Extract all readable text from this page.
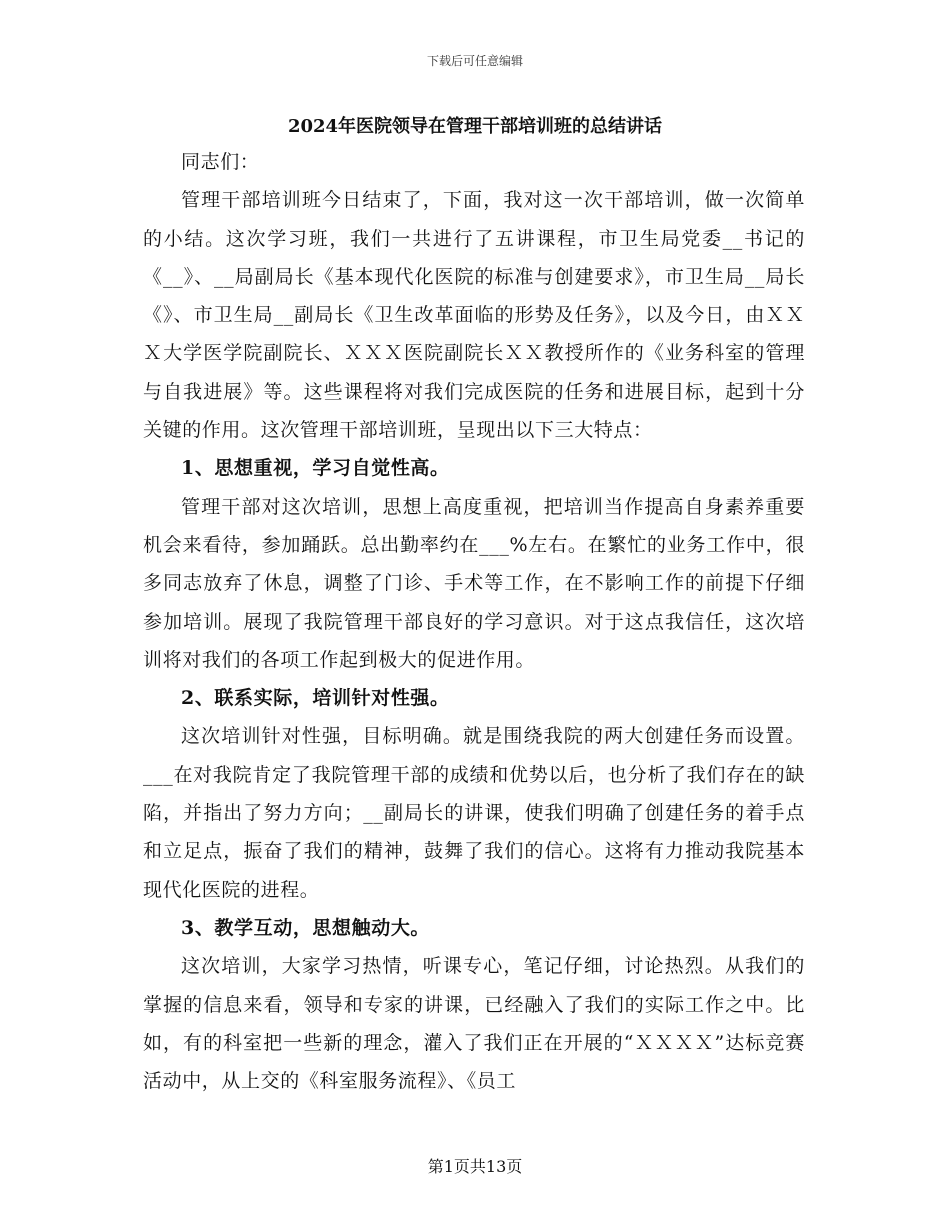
下载后可任意编辑
2024年医院领导在管理干部培训班的总结讲话

同志们：

管理干部培训班今日结束了，下面，我对这一次干部培训，做一次简单的小结。这次学习班，我们一共进行了五讲课程，市卫生局党委__书记的《__》、__局副局长《基本现代化医院的标准与创建要求》，市卫生局__局长《》、市卫生局__副局长《卫生改革面临的形势及任务》，以及今日，由ＸＸＸ大学医学院副院长、ＸＸＸ医院副院长ＸＸ教授所作的《业务科室的管理与自我进展》等。这些课程将对我们完成医院的任务和进展目标，起到十分关键的作用。这次管理干部培训班，呈现出以下三大特点：

1、思想重视，学习自觉性高。

管理干部对这次培训，思想上高度重视，把培训当作提高自身素养重要机会来看待，参加踊跃。总出勤率约在___%左右。在繁忙的业务工作中，很多同志放弃了休息，调整了门诊、手术等工作，在不影响工作的前提下仔细参加培训。展现了我院管理干部良好的学习意识。对于这点我信任，这次培训将对我们的各项工作起到极大的促进作用。

2、联系实际，培训针对性强。

这次培训针对性强，目标明确。就是围绕我院的两大创建任务而设置。___在对我院肯定了我院管理干部的成绩和优势以后，也分析了我们存在的缺陷，并指出了努力方向；__副局长的讲课，使我们明确了创建任务的着手点和立足点，振奋了我们的精神，鼓舞了我们的信心。这将有力推动我院基本现代化医院的进程。

3、教学互动，思想触动大。

这次培训，大家学习热情，听课专心，笔记仔细，讨论热烈。从我们的掌握的信息来看，领导和专家的讲课，已经融入了我们的实际工作之中。比如，有的科室把一些新的理念，灌入了我们正在开展的“ＸＸＸＸ”达标竞赛活动中，从上交的《科室服务流程》、《员工

第1页共13页
